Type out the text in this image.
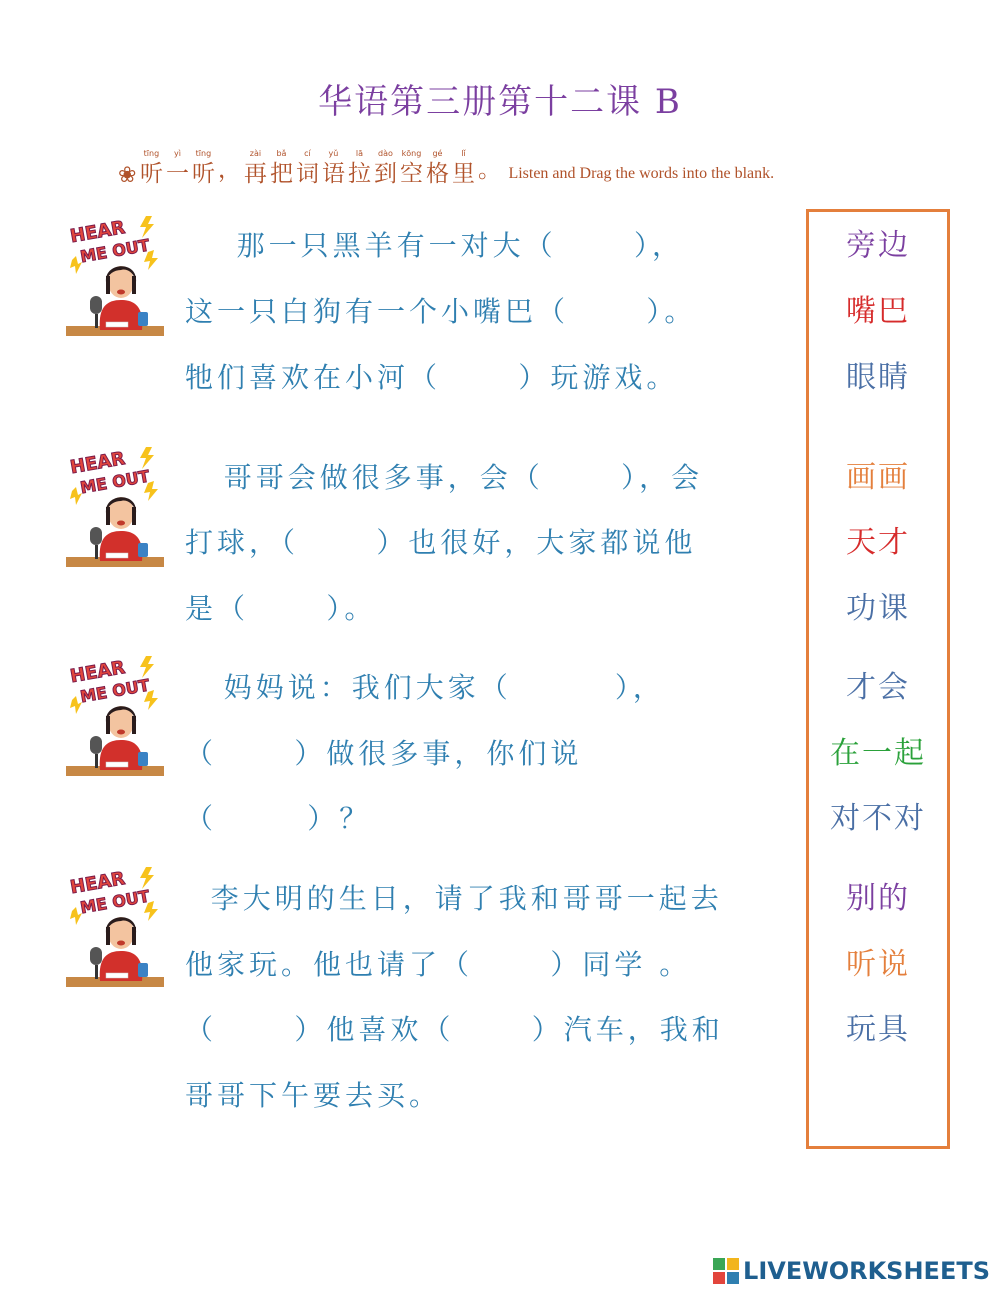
华语第三册第十二课 B
❀
tīng
听
yì
一
tīng
听 ，
zài
再
bǎ
把
cí
词
yǔ
语
lā
拉
dào
到
kōng
空
gé
格
lǐ
里 。 Listen and Drag the words into the blank.
那一只黑羊有一对大（      ），
这一只白狗有一个小嘴巴（      ）。
牠们喜欢在小河（      ）玩游戏。
哥哥会做很多事，会（      ），会
打球，（      ）也很好，大家都说他
是（      ）。
妈妈说：我们大家（        ），
（      ）做很多事，你们说
（       ）？
李大明的生日，请了我和哥哥一起去
他家玩。他也请了（      ）同学 。
（      ）他喜欢（      ）汽车，我和
哥哥下午要去买。
旁边
嘴巴
眼睛
画画
天才
功课
才会
在一起
对不对
别的
听说
玩具
LIVEWORKSHEETS
